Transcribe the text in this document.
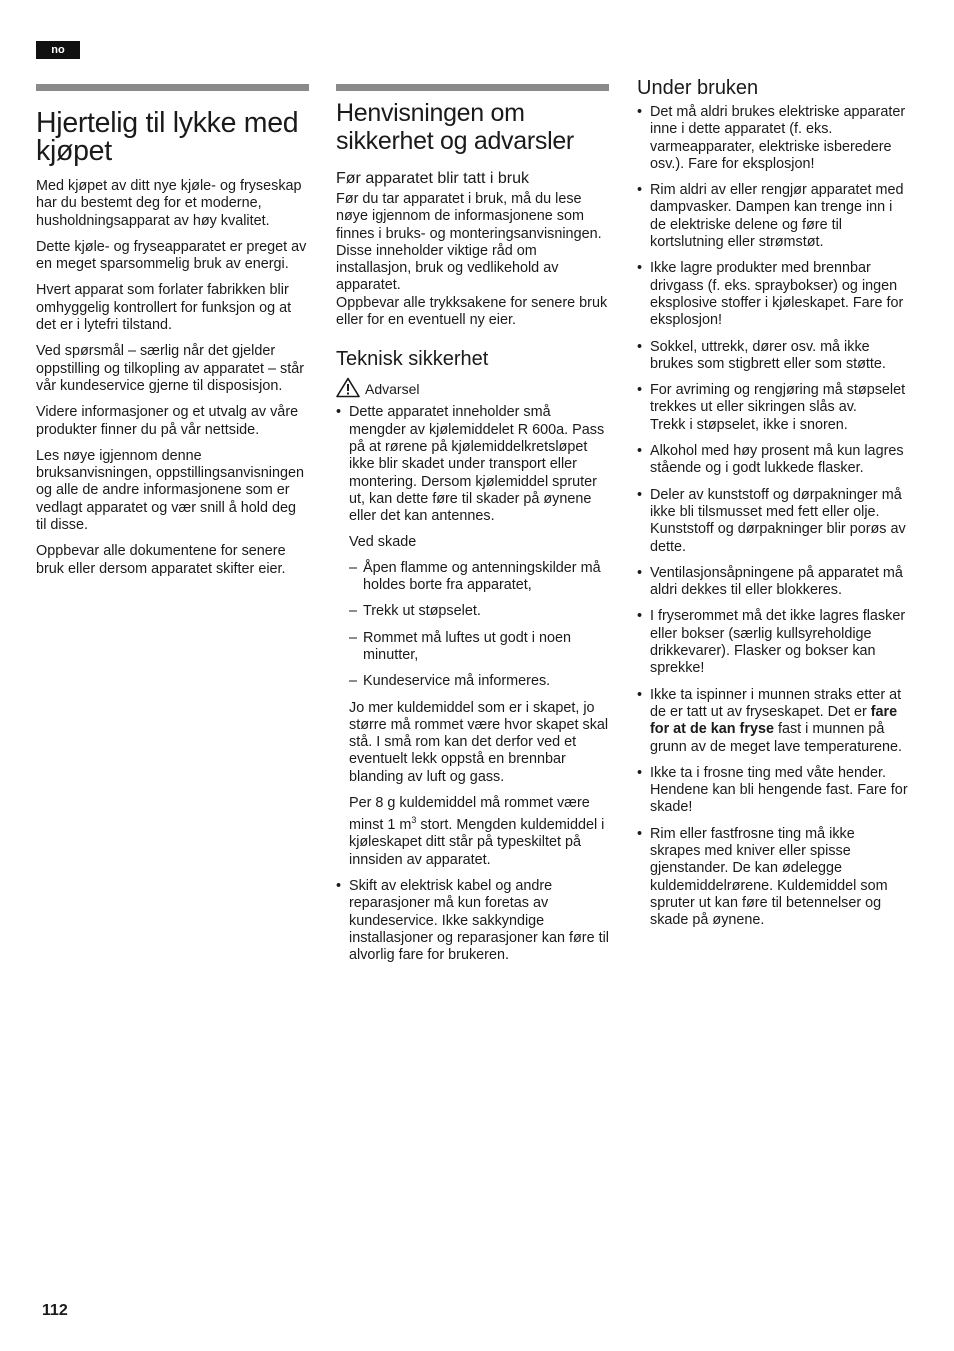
no
Hjertelig til lykke med kjøpet

Med kjøpet av ditt nye kjøle- og fryseskap har du bestemt deg for et moderne, husholdningsapparat av høy kvalitet.

Dette kjøle- og fryseapparatet er preget av en meget sparsommelig bruk av energi.

Hvert apparat som forlater fabrikken blir omhyggelig kontrollert for funksjon og at det er i lytefri tilstand.

Ved spørsmål – særlig når det gjelder oppstilling og tilkopling av apparatet – står vår kundeservice gjerne til disposisjon.

Videre informasjoner og et utvalg av våre produkter finner du på vår nettside.

Les nøye igjennom denne bruksanvisningen, oppstillingsanvisningen og alle de andre informasjonene som er vedlagt apparatet og vær snill å hold deg til disse.

Oppbevar alle dokumentene for senere bruk eller dersom apparatet skifter eier.

Henvisningen om sikkerhet og advarsler
Før apparatet blir tatt i bruk

Før du tar apparatet i bruk, må du lese nøye igjennom de informasjonene som finnes i bruks- og monteringsanvisningen. Disse inneholder viktige råd om installasjon, bruk og vedlikehold av apparatet.

Oppbevar alle trykksakene for senere bruk eller for en eventuell ny eier.

Teknisk sikkerhet
Advarsel
• Dette apparatet inneholder små mengder av kjølemiddelet R 600a. Pass på at rørene på kjølemiddelkretsløpet ikke blir skadet under transport eller montering. Dersom kjølemiddel spruter ut, kan dette føre til skader på øynene eller det kan antennes.
Ved skade
– Åpen flamme og antenningskilder må holdes borte fra apparatet,
– Trekk ut støpselet.
– Rommet må luftes ut godt i noen minutter,
– Kundeservice må informeres.

Jo mer kuldemiddel som er i skapet, jo større må rommet være hvor skapet skal stå. I små rom kan det derfor ved et eventuelt lekk oppstå en brennbar blanding av luft og gass.

Per 8 g kuldemiddel må rommet være minst 1 $m^3$ stort. Mengden kuldemiddel i kjøleskapet ditt står på typeskiltet på innsiden av apparatet.

• Skift av elektrisk kabel og andre reparasjoner må kun foretas av kundeservice. Ikke sakkyndige installasjoner og reparasjoner kan føre til alvorlig fare for brukeren.
Under bruken
• Det må aldri brukes elektriske apparater inne i dette apparatet (f. eks. varmeapparater, elektriske isberedere osv.). Fare for eksplosjon!
• Rim aldri av eller rengjør apparatet med dampvasker. Dampen kan trenge inn i de elektriske delene og føre til kortslutning eller strømstøt.
• Ikke lagre produkter med brennbar drivgass (f. eks. spraybokser) og ingen eksplosive stoffer i kjøleskapet. Fare for eksplosjon!
• Sokkel, uttrekk, dører osv. må ikke brukes som stigbrett eller som støtte.
• For avriming og rengjøring må støpselet trekkes ut eller sikringen slås av.
Trekk i støpselet, ikke i snoren.
• Alkohol med høy prosent må kun lagres stående og i godt lukkede flasker.
• Deler av kunststoff og dørpakninger må ikke bli tilsmusset med fett eller olje. Kunststoff og dørpakninger blir porøs av dette.
• Ventilasjonsåpningene på apparatet må aldri dekkes til eller blokkeres.
• I fryserommet må det ikke lagres flasker eller bokser (særlig kullsyreholdige drikkevarer). Flasker og bokser kan sprekke!
• Ikke ta ispinner i munnen straks etter at de er tatt ut av fryseskapet. Det er fare for at de kan fryse fast i munnen på grunn av de meget lave temperaturene.
• Ikke ta i frosne ting med våte hender. Hendene kan bli hengende fast. Fare for skade!
• Rim eller fastfrosne ting må ikke skrapes med kniver eller spisse gjenstander. De kan ødelegge kuldemiddelrørene. Kuldemiddel som spruter ut kan føre til betennelser og skade på øynene.
112
